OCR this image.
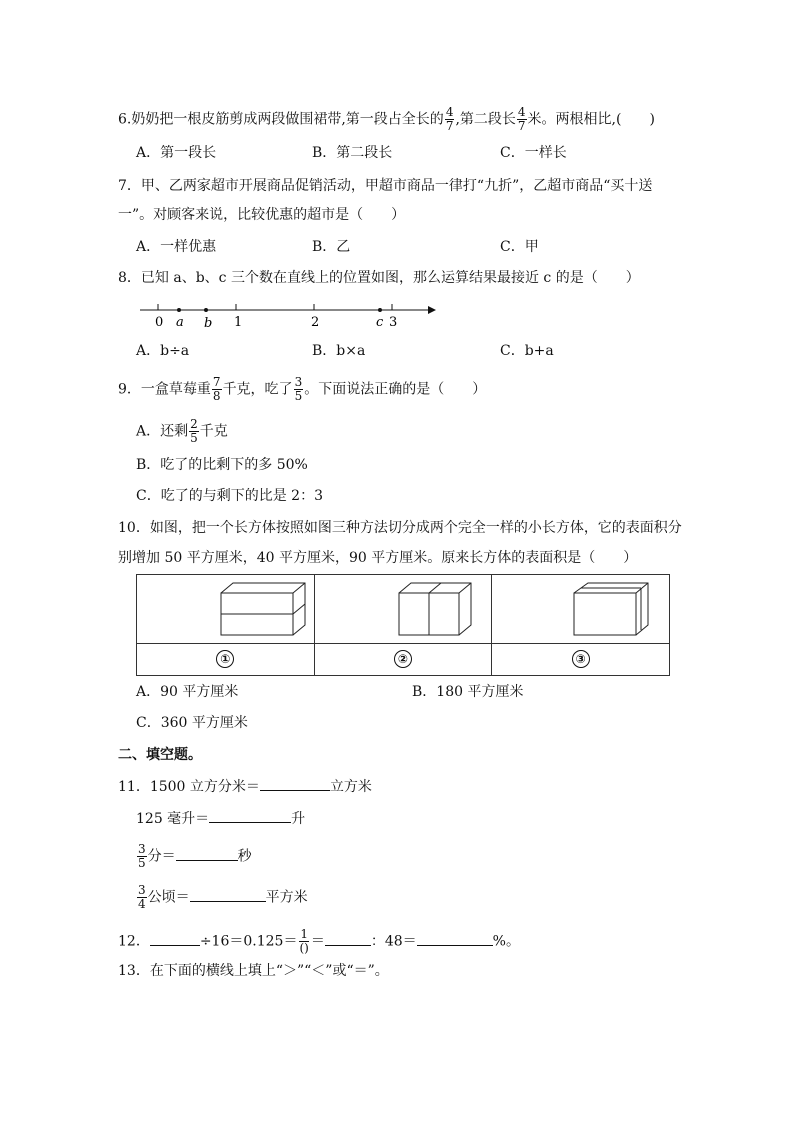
6.奶奶把一根皮筋剪成两段做围裙带,第一段占全长的 $\frac{4}{7}$ ,第二段长 $\frac{4}{7}$ 米。两根相比,(　　)
A．第一段长	B．第二段长	C．一样长
7．甲、乙两家超市开展商品促销活动，甲超市商品一律打“九折”，乙超市商品“买十送
一”。对顾客来说，比较优惠的超市是（　　）
A．一样优惠	B．乙	C．甲
8．已知 a、b、c 三个数在直线上的位置如图，那么运算结果最接近 c 的是（　　）
0 a b 1	2	c 3
A．b÷a	B．b×a	C．b+a
9．一盒草莓重 $\frac{7}{8}$ 千克，吃了 $\frac{3}{5}$ 。下面说法正确的是（　　）
A．还剩 $\frac{2}{5}$ 千克
B．吃了的比剩下的多 50%
C．吃了的与剩下的比是 2：3
10．如图，把一个长方体按照如图三种方法切分成两个完全一样的小长方体，它的表面积分
别增加 50 平方厘米，40 平方厘米，90 平方厘米。原来长方体的表面积是（　　）

①	②	③
A．90 平方厘米	B．180 平方厘米
C．360 平方厘米
二、填空题。
11．1500 立方分米＝	立方米
125 毫升＝	升
$\frac{3}{5}$ 分＝	秒
$\frac{3}{4}$ 公顷＝	平方米
12．	$\div 16=0.125= \frac{1}{()}$ ＝	：48＝	%。
13．在下面的横线上填上“＞”“＜”或“＝”。
